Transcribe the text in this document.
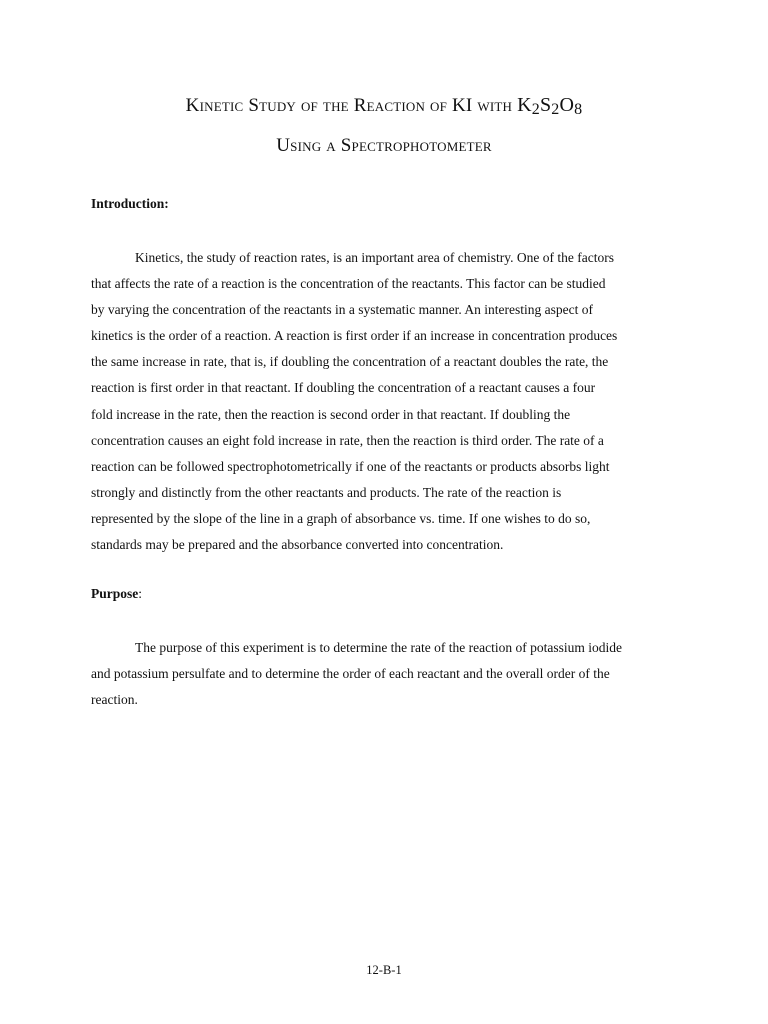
Kinetic Study of the Reaction of KI with $K_2S_2O_8$
Using a Spectrophotometer

Introduction:

Kinetics, the study of reaction rates, is an important area of chemistry. One of the factors
that affects the rate of a reaction is the concentration of the reactants. This factor can be studied
by varying the concentration of the reactants in a systematic manner. An interesting aspect of
kinetics is the order of a reaction. A reaction is first order if an increase in concentration produces
the same increase in rate, that is, if doubling the concentration of a reactant doubles the rate, the
reaction is first order in that reactant. If doubling the concentration of a reactant causes a four
fold increase in the rate, then the reaction is second order in that reactant. If doubling the
concentration causes an eight fold increase in rate, then the reaction is third order. The rate of a
reaction can be followed spectrophotometrically if one of the reactants or products absorbs light
strongly and distinctly from the other reactants and products. The rate of the reaction is
represented by the slope of the line in a graph of absorbance vs. time. If one wishes to do so,
standards may be prepared and the absorbance converted into concentration.

Purpose:

The purpose of this experiment is to determine the rate of the reaction of potassium iodide
and potassium persulfate and to determine the order of each reactant and the overall order of the
reaction.

12-B-1
